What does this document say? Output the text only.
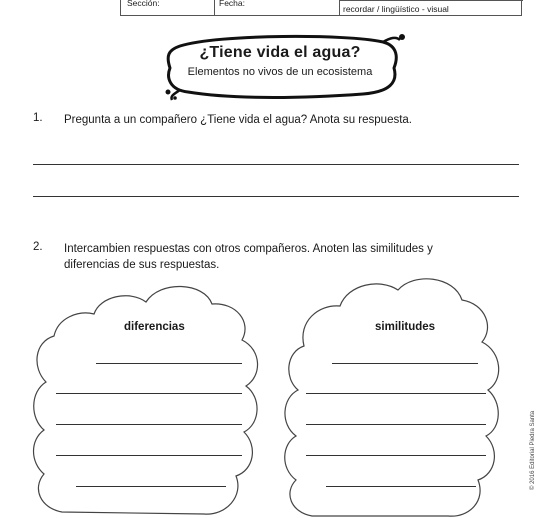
Sección:	Fecha:
recordar / lingüístico - visual
¿Tiene vida el agua?
Elementos no vivos de un ecosistema
1. Pregunta a un compañero ¿Tiene vida el agua? Anota su respuesta.
2. Intercambien respuestas con otros compañeros. Anoten las similitudes y
diferencias de sus respuestas.
diferencias	similitudes
© 2016 Editorial Piedra Santa
